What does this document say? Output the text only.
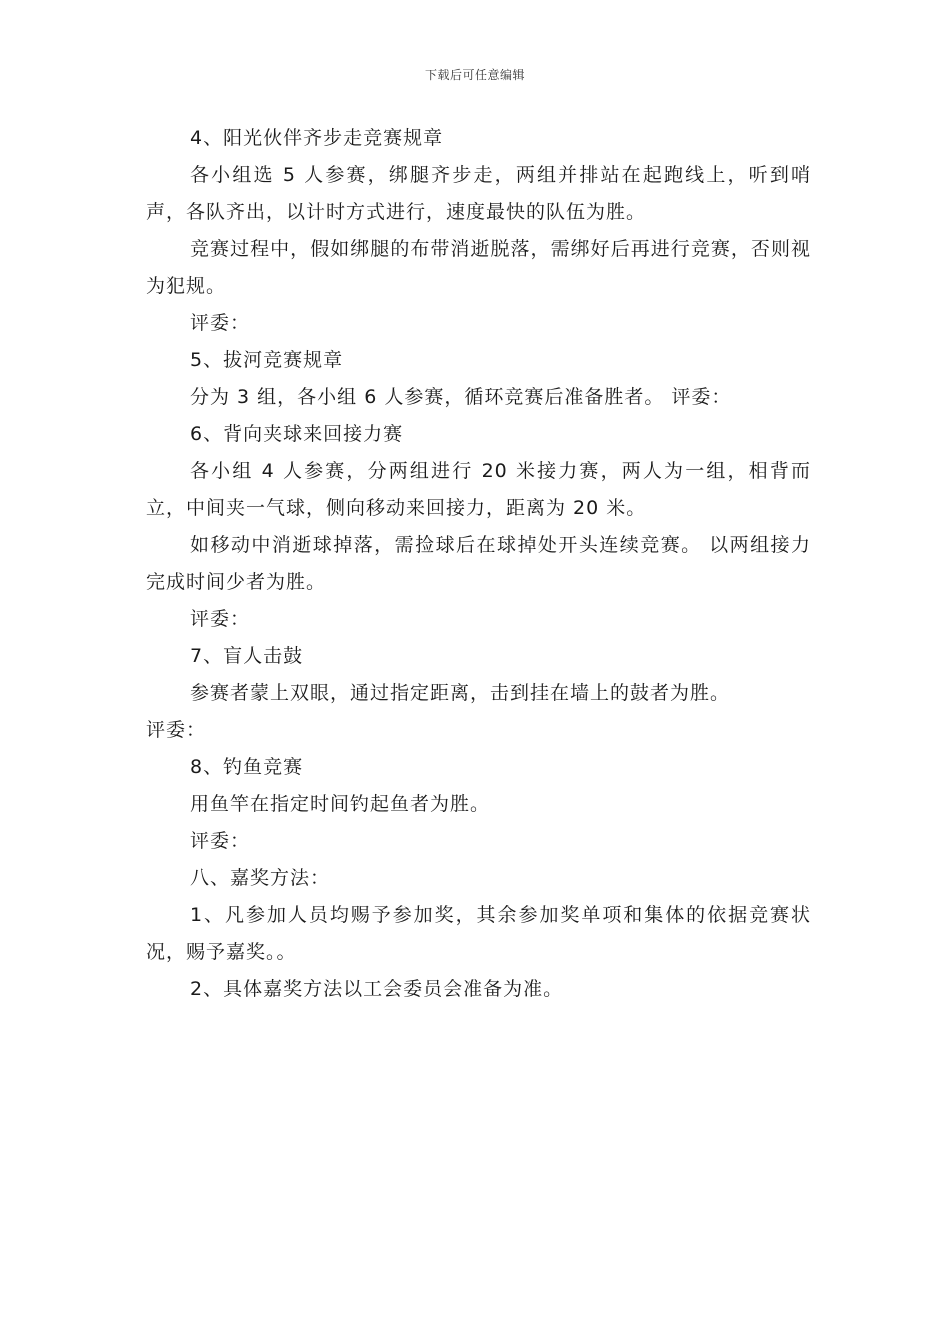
下载后可任意编辑

4、阳光伙伴齐步走竞赛规章

各小组选 5 人参赛，绑腿齐步走，两组并排站在起跑线上，听到哨声，各队齐出，以计时方式进行，速度最快的队伍为胜。

竞赛过程中，假如绑腿的布带消逝脱落，需绑好后再进行竞赛，否则视为犯规。

评委：

5、拔河竞赛规章

分为 3 组，各小组 6 人参赛，循环竞赛后准备胜者。 评委：

6、背向夹球来回接力赛

各小组 4 人参赛，分两组进行 20 米接力赛，两人为一组，相背而立，中间夹一气球，侧向移动来回接力，距离为 20 米。

如移动中消逝球掉落，需捡球后在球掉处开头连续竞赛。 以两组接力完成时间少者为胜。

评委：

7、盲人击鼓

参赛者蒙上双眼，通过指定距离，击到挂在墙上的鼓者为胜。

评委：

8、钓鱼竞赛

用鱼竿在指定时间钓起鱼者为胜。

评委：

八、嘉奖方法：

1、凡参加人员均赐予参加奖，其余参加奖单项和集体的依据竞赛状况，赐予嘉奖。。

2、具体嘉奖方法以工会委员会准备为准。
